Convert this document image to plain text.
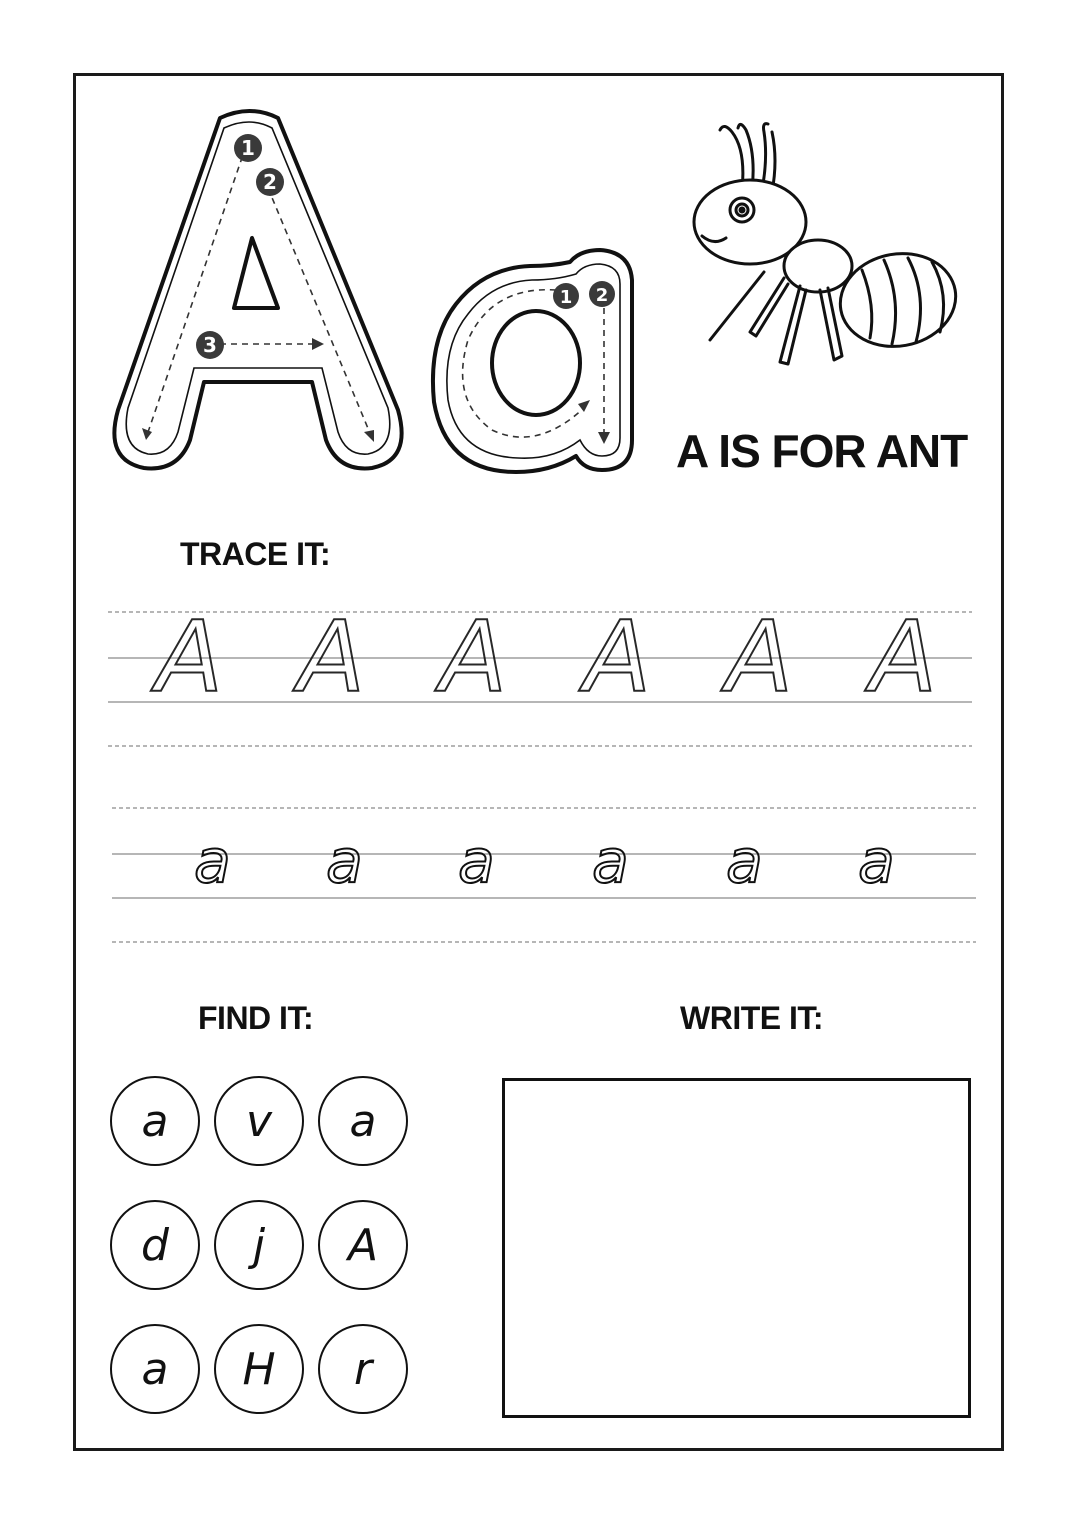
1
2
3
1 2
A IS FOR ANT
TRACE IT:
A A A A A A
a a a a a a
FIND IT:
a	v	a
d	j	A
a	H	r
WRITE IT:
